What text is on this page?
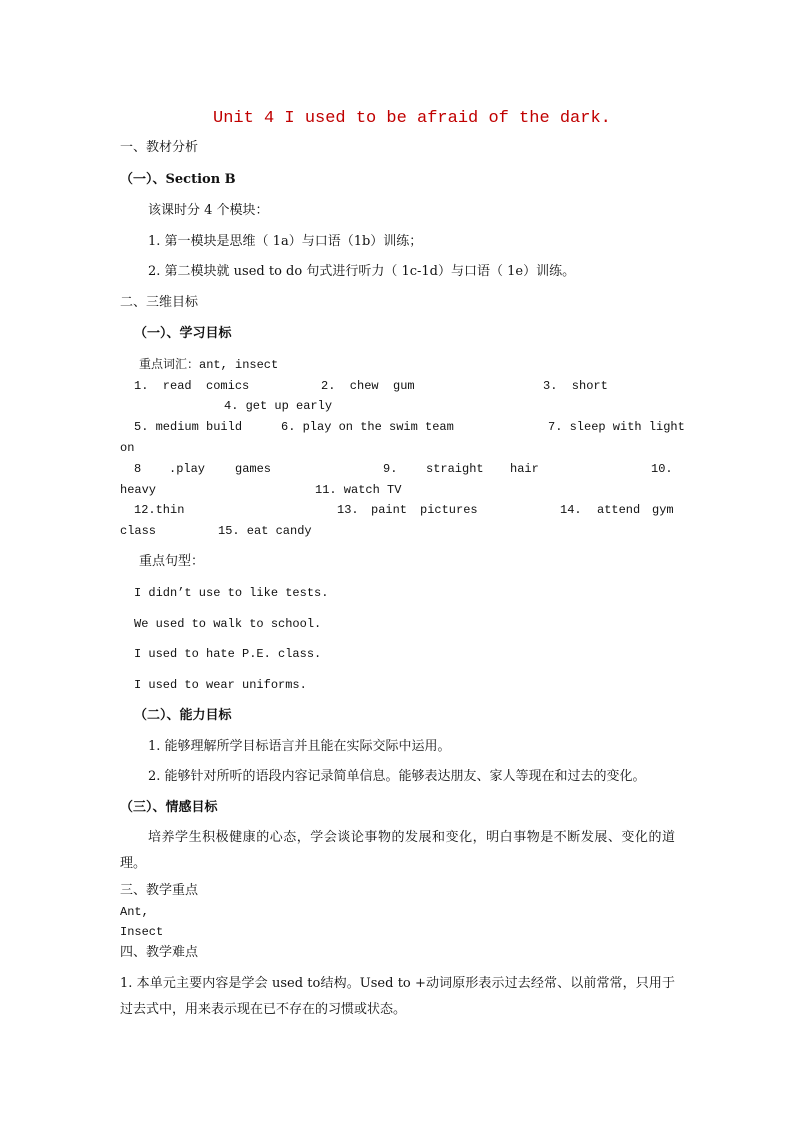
Unit 4 I used to be afraid of the dark.
一、教材分析
（一）、Section B
该课时分 4 个模块：
1. 第一模块是思维（ 1a）与口语（1b）训练；
2. 第二模块就 used to do 句式进行听力（ 1c-1d）与口语（ 1e）训练。
二、三维目标
（一）、学习目标
重点词汇：ant, insect
1.  read  comics	2.  chew  gum	3.  short
4. get up early
5. medium build	6. play on the swim team	7. sleep with light
on
8 .play games	9. straight hair	10.
heavy	11. watch TV
12.thin	13. paint pictures	14. attend gym
class	15. eat candy
重点句型：
I didn’t use to like tests.
We used to walk to school.
I used to hate P.E. class.
I used to wear uniforms.
（二）、能力目标
1. 能够理解所学目标语言并且能在实际交际中运用。
2. 能够针对所听的语段内容记录简单信息。能够表达朋友、家人等现在和过去的变化。
（三）、情感目标
培养学生积极健康的心态，学会谈论事物的发展和变化，明白事物是不断发展、变化的道理。
三、教学重点
Ant,
Insect
四、教学难点
1. 本单元主要内容是学会 used to结构。Used to +动词原形表示过去经常、以前常常，只用于过去式中，用来表示现在已不存在的习惯或状态。
